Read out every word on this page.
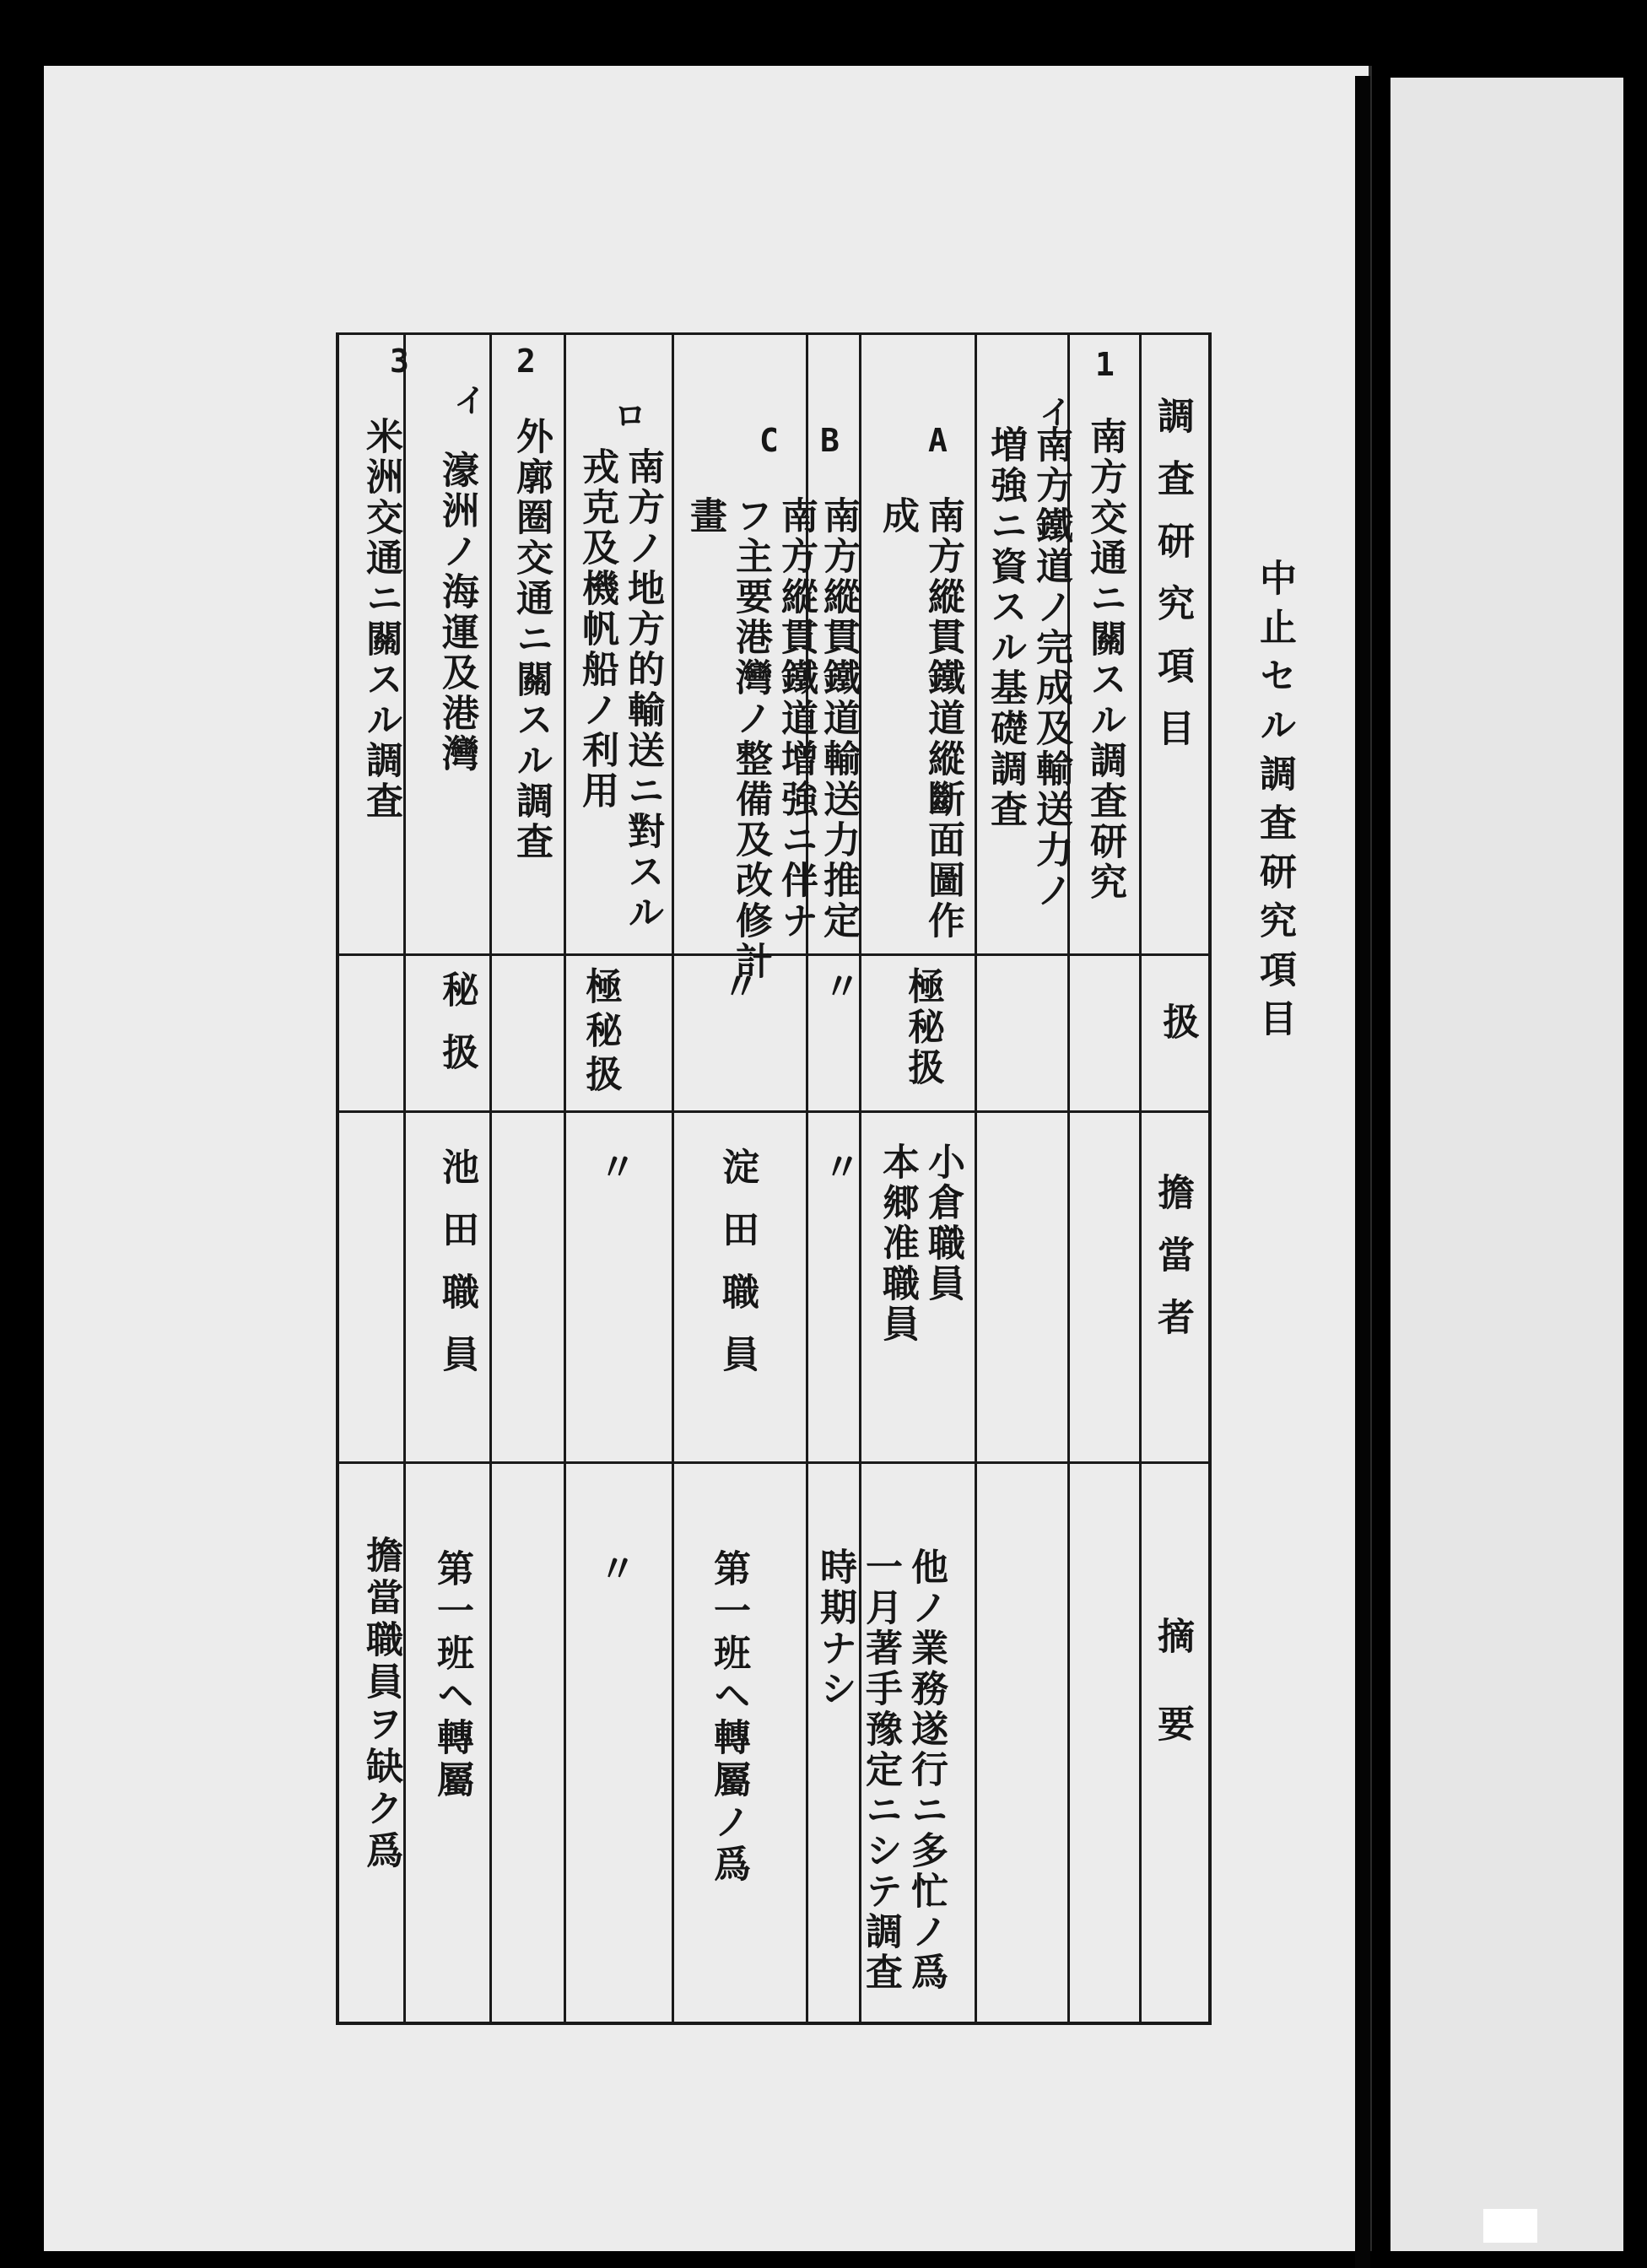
中止セル調査研究項目
調査研究項目
扱
擔當者
摘要
1
南方交通ニ關スル調査研究
イ
南方鐵道ノ完成及輸送力ノ
増強ニ資スル基礎調査
A
南方縱貫鐵道縱斷面圖作
成
極秘扱
小倉職員
本郷准職員
他ノ業務遂行ニ多忙ノ爲
一月著手豫定ニシテ調査
時期ナシ
B
南方縱貫鐵道輸送力推定
〃
〃
C
南方縱貫鐵道增強ニ伴ナ
フ主要港灣ノ整備及改修計
畫
〃
淀田職員
第一班ヘ轉屬ノ爲
ロ
南方ノ地方的輸送ニ對スル
戎克及機帆船ノ利用
極秘扱
〃
〃
2
外廓圈交通ニ關スル調査
イ
濠洲ノ海運及港灣
秘扱
池田職員
第一班ヘ轉屬
3
米洲交通ニ關スル調査
擔當職員ヲ缺ク爲
